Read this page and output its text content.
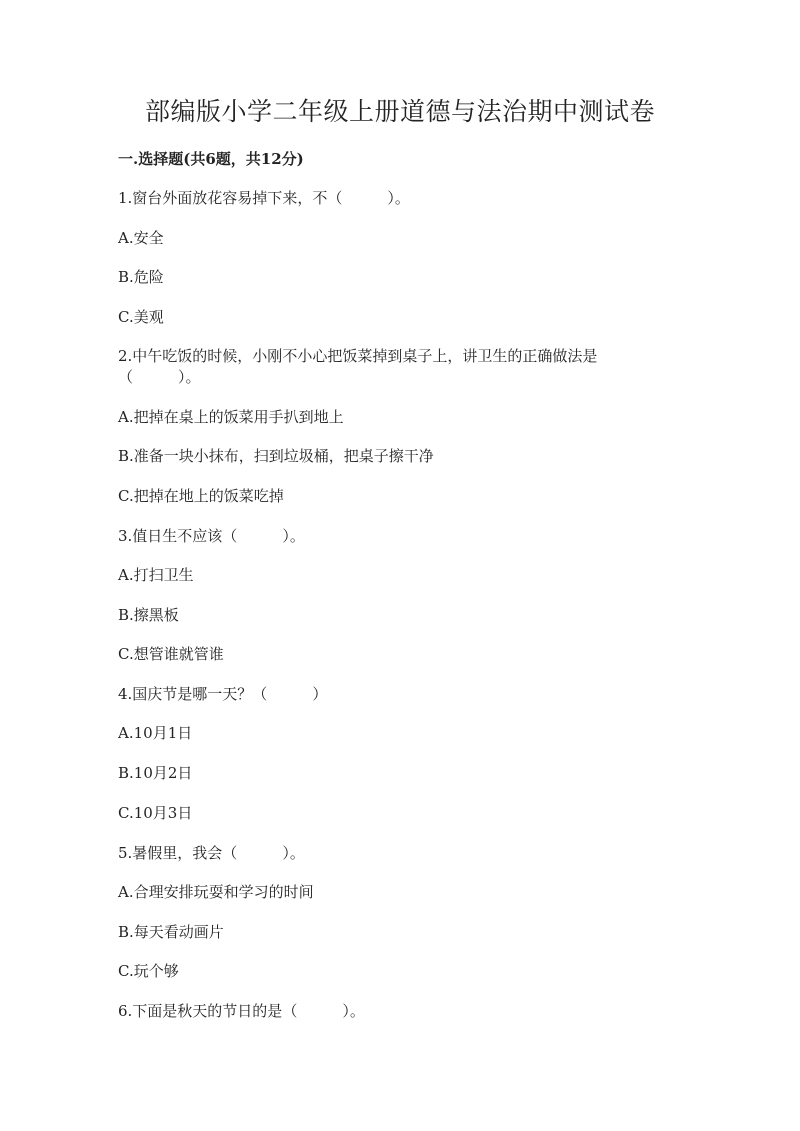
部编版小学二年级上册道德与法治期中测试卷
一.选择题(共6题，共12分)
1.窗台外面放花容易掉下来，不（　　　）。
A.安全
B.危险
C.美观
2.中午吃饭的时候，小刚不小心把饭菜掉到桌子上，讲卫生的正确做法是
（　　　）。
A.把掉在桌上的饭菜用手扒到地上
B.准备一块小抹布，扫到垃圾桶，把桌子擦干净
C.把掉在地上的饭菜吃掉
3.值日生不应该（　　　）。
A.打扫卫生
B.擦黑板
C.想管谁就管谁
4.国庆节是哪一天？（　　　）
A.10月1日
B.10月2日
C.10月3日
5.暑假里，我会（　　　）。
A.合理安排玩耍和学习的时间
B.每天看动画片
C.玩个够
6.下面是秋天的节日的是（　　　）。
